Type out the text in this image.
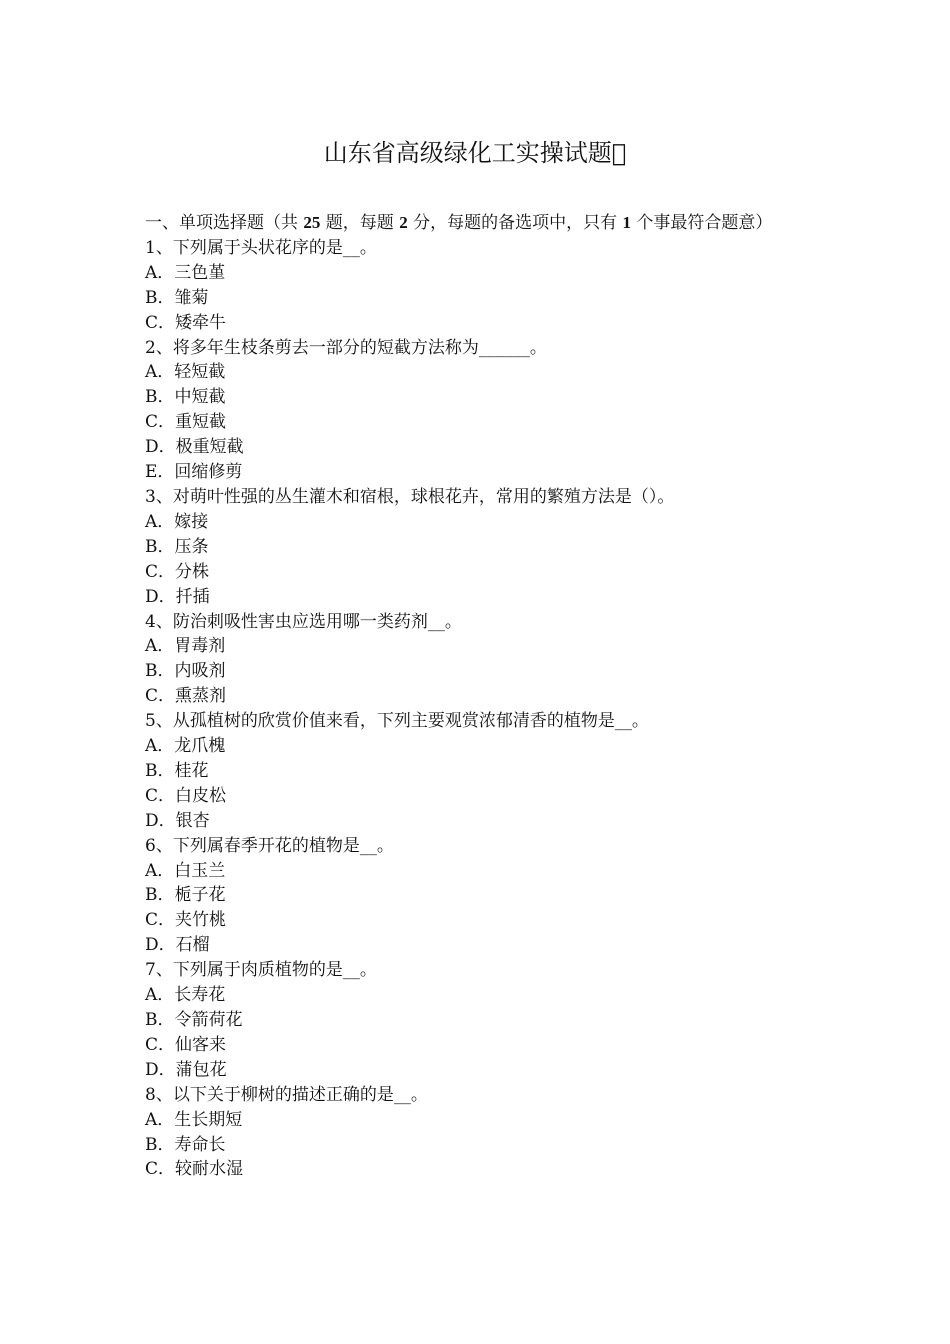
山东省高级绿化工实操试题 

一、单项选择题（共 25 题，每题 2 分，每题的备选项中，只有 1 个事最符合题意）

1、下列属于头状花序的是__。

A．三色堇

B．雏菊

C．矮牵牛

2、将多年生枝条剪去一部分的短截方法称为______。

A．轻短截

B．中短截

C．重短截

D．极重短截

E．回缩修剪

3、对萌叶性强的丛生灌木和宿根，球根花卉，常用的繁殖方法是（）。

A．嫁接

B．压条

C．分株

D．扦插

4、防治刺吸性害虫应选用哪一类药剂__。

A．胃毒剂

B．内吸剂

C．熏蒸剂

5、从孤植树的欣赏价值来看，下列主要观赏浓郁清香的植物是__。

A．龙爪槐

B．桂花

C．白皮松

D．银杏

6、下列属春季开花的植物是__。

A．白玉兰

B．栀子花

C．夹竹桃

D．石榴

7、下列属于肉质植物的是__。

A．长寿花

B．令箭荷花

C．仙客来

D．蒲包花

8、以下关于柳树的描述正确的是__。

A．生长期短

B．寿命长

C．较耐水湿
